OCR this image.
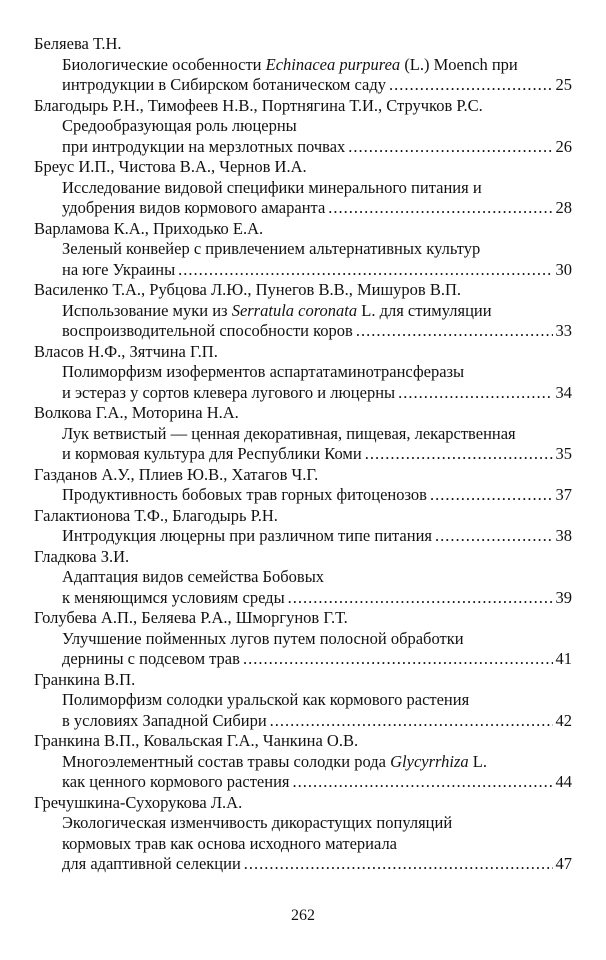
Беляева Т.Н.
Биологические особенности Echinacea purpurea (L.) Moench при
интродукции в Сибирском ботаническом саду .....	25
Благодырь Р.Н., Тимофеев Н.В., Портнягина Т.И., Стручков Р.С.
Средообразующая роль люцерны
при интродукции на мерзлотных почвах .....	26
Бреус И.П., Чистова В.А., Чернов И.А.
Исследование видовой специфики минерального питания и
удобрения видов кормового амаранта .....	28
Варламова К.А., Приходько Е.А.
Зеленый конвейер с привлечением альтернативных культур
на юге Украины .....	30
Василенко Т.А., Рубцова Л.Ю., Пунегов В.В., Мишуров В.П.
Использование муки из Serratula coronata L. для стимуляции
воспроизводительной способности коров .....	33
Власов Н.Ф., Зятчина Г.П.
Полиморфизм изоферментов аспартатаминотрансферазы
и эстераз у сортов клевера лугового и люцерны .....	34
Волкова Г.А., Моторина Н.А.
Лук ветвистый — ценная декоративная, пищевая, лекарственная
и кормовая культура для Республики Коми .....	35
Газданов А.У., Плиев Ю.В., Хатагов Ч.Г.
Продуктивность бобовых трав горных фитоценозов .....	37
Галактионова Т.Ф., Благодырь Р.Н.
Интродукция люцерны при различном типе питания .....	38
Гладкова З.И.
Адаптация видов семейства Бобовых
к меняющимся условиям среды .....	39
Голубева А.П., Беляева Р.А., Шморгунов Г.Т.
Улучшение пойменных лугов путем полосной обработки
дернины с подсевом трав .....	41
Гранкина В.П.
Полиморфизм солодки уральской как кормового растения
в условиях Западной Сибири .....	42
Гранкина В.П., Ковальская Г.А., Чанкина О.В.
Многоэлементный состав травы солодки рода Glycyrrhiza L.
как ценного кормового растения .....	44
Гречушкина-Сухорукова Л.А.
Экологическая изменчивость дикорастущих популяций
кормовых трав как основа исходного материала
для адаптивной селекции .....	47
262
